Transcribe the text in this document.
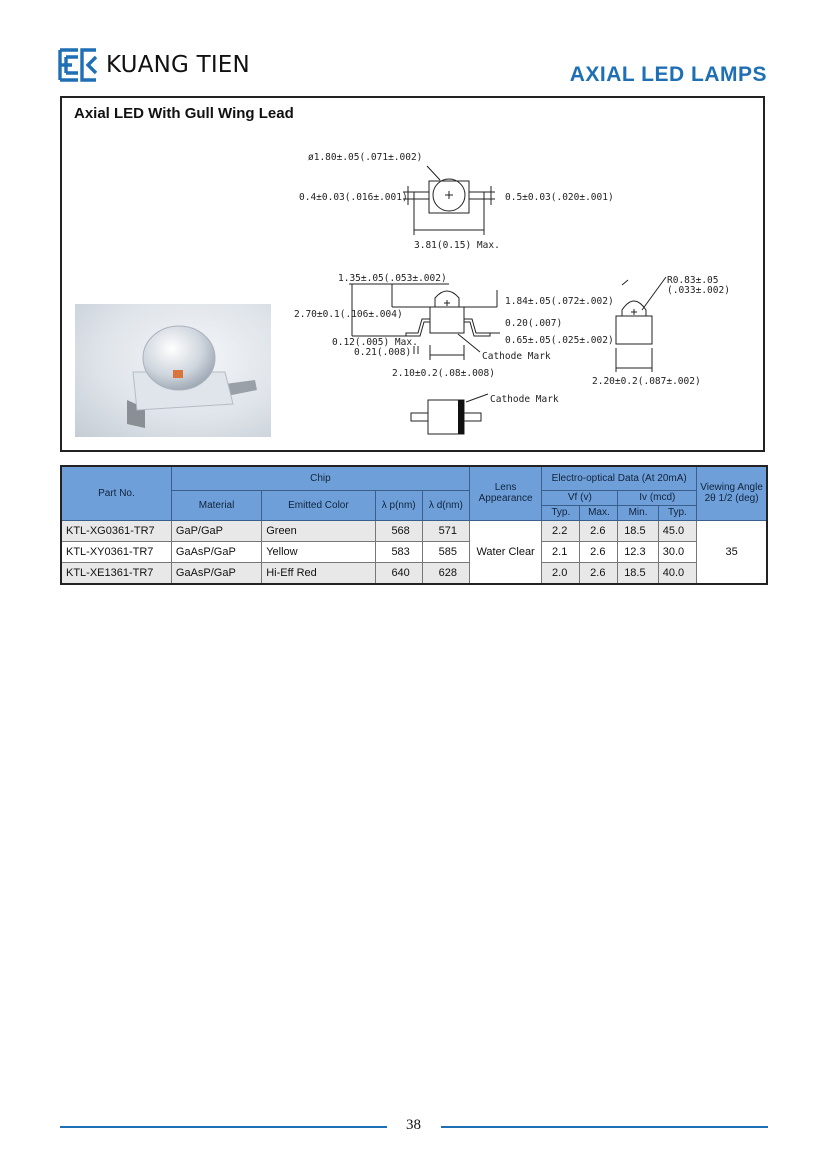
KUANG TIEN	AXIAL LED LAMPS
Axial LED With Gull Wing Lead
ø1.80±.05(.071±.002)
0.4±0.03(.016±.001)	0.5±0.03(.020±.001)
3.81(0.15) Max.
1.35±.05(.053±.002)
2.70±0.1(.106±.004)
0.12(.005) Max.
0.21(.008)
1.84±.05(.072±.002)
0.20(.007)
0.65±.05(.025±.002)
Cathode Mark
2.10±0.2(.08±.008)
R0.83±.05
(.033±.002)
2.20±0.2(.087±.002)
Cathode Mark
Part No.	Chip				Lens Appearance	Electro-optical Data (At 20mA)				Viewing Angle 2θ 1/2 (deg)
	Material	Emitted Color	λ p(nm)	λ d(nm)		Vf (v)		Iv (mcd)		
						Typ.	Max.	Min.	Typ.	
KTL-XG0361-TR7	GaP/GaP	Green	568	571	Water Clear	2.2	2.6	18.5	45.0	35
KTL-XY0361-TR7	GaAsP/GaP	Yellow	583	585		2.1	2.6	12.3	30.0	
KTL-XE1361-TR7	GaAsP/GaP	Hi-Eff Red	640	628		2.0	2.6	18.5	40.0	
38
